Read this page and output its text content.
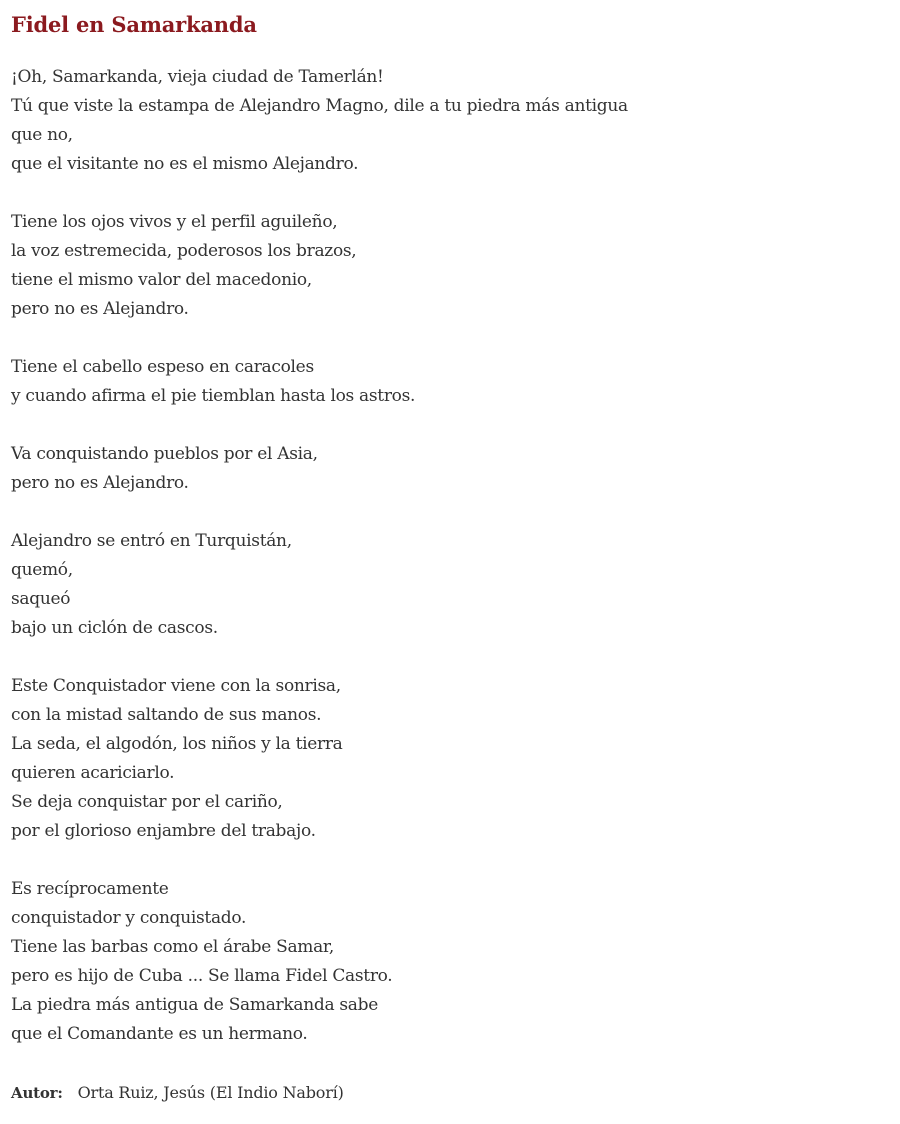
Fidel en Samarkanda
¡Oh, Samarkanda, vieja ciudad de Tamerlán!
Tú que viste la estampa de Alejandro Magno, dile a tu piedra más antigua
que no,
que el visitante no es el mismo Alejandro.
Tiene los ojos vivos y el perfil aguileño,
la voz estremecida, poderosos los brazos,
tiene el mismo valor del macedonio,
pero no es Alejandro.
Tiene el cabello espeso en caracoles
y cuando afirma el pie tiemblan hasta los astros.
Va conquistando pueblos por el Asia,
pero no es Alejandro.
Alejandro se entró en Turquistán,
quemó,
saqueó
bajo un ciclón de cascos.
Este Conquistador viene con la sonrisa,
con la mistad saltando de sus manos.
La seda, el algodón, los niños y la tierra
quieren acariciarlo.
Se deja conquistar por el cariño,
por el glorioso enjambre del trabajo.
Es recíprocamente
conquistador y conquistado.
Tiene las barbas como el árabe Samar,
pero es hijo de Cuba ... Se llama Fidel Castro.
La piedra más antigua de Samarkanda sabe
que el Comandante es un hermano.
Autor: Orta Ruiz, Jesús (El Indio Naborí)
